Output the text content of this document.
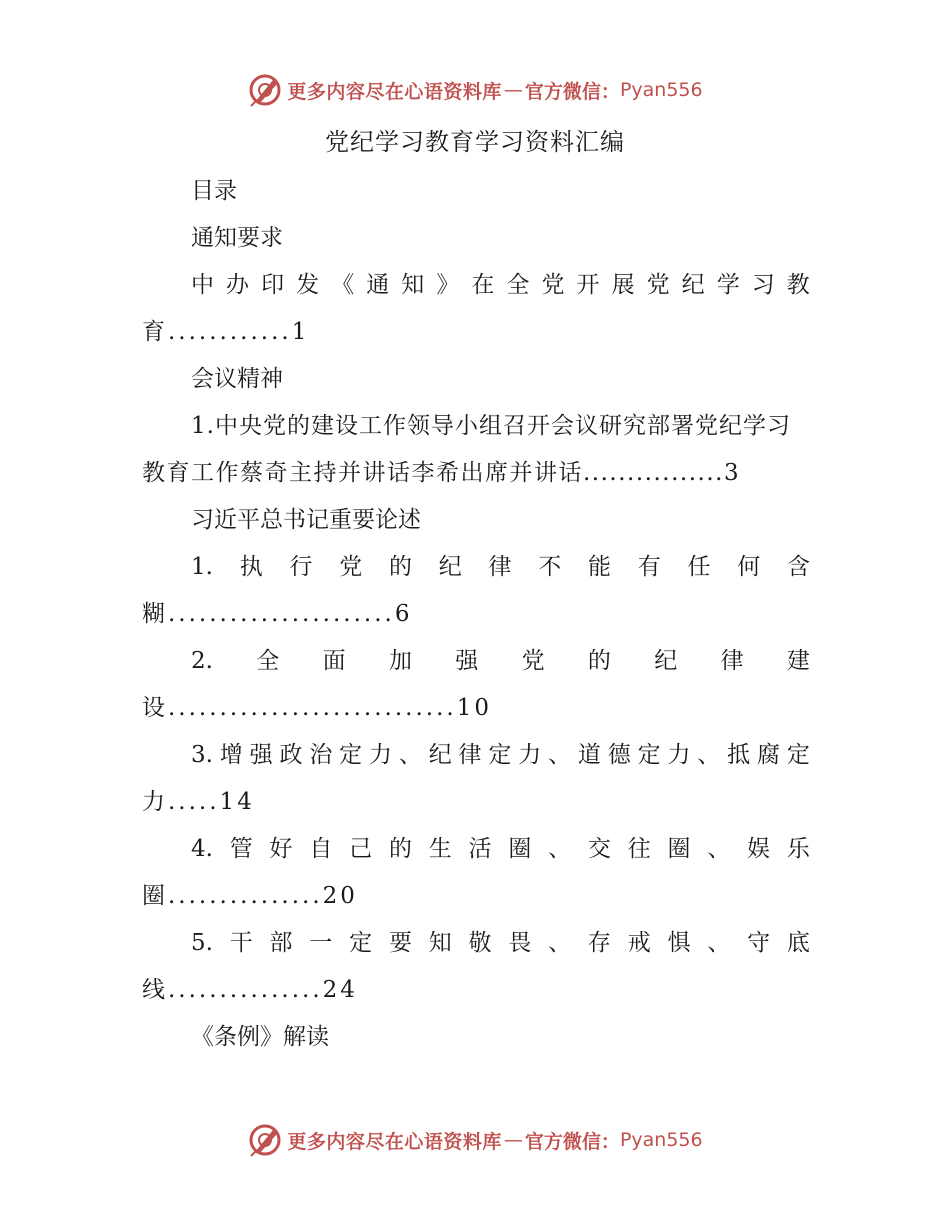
更多内容尽在心语资料库 — 官方微信： Pyan556
党纪学习教育学习资料汇编
目录
通知要求
中 办 印 发 《 通 知 》 在 全 党 开 展 党 纪 学 习 教
育............1
会议精神
1.中央党的建设工作领导小组召开会议研究部署党纪学习
教育工作蔡奇主持并讲话李希出席并讲话................3
习近平总书记重要论述
1. 执 行 党 的 纪 律 不 能 有 任 何 含
糊......................6
2. 全 面 加 强 党 的 纪 律 建
设............................10
3. 增 强 政 治 定 力 、 纪 律 定 力 、 道 德 定 力 、 抵 腐 定
力.....14
4. 管 好 自 己 的 生 活 圈 、 交 往 圈 、 娱 乐
圈...............20
5. 干 部 一 定 要 知 敬 畏 、 存 戒 惧 、 守 底
线...............24
《条例》解读
更多内容尽在心语资料库 — 官方微信： Pyan556
